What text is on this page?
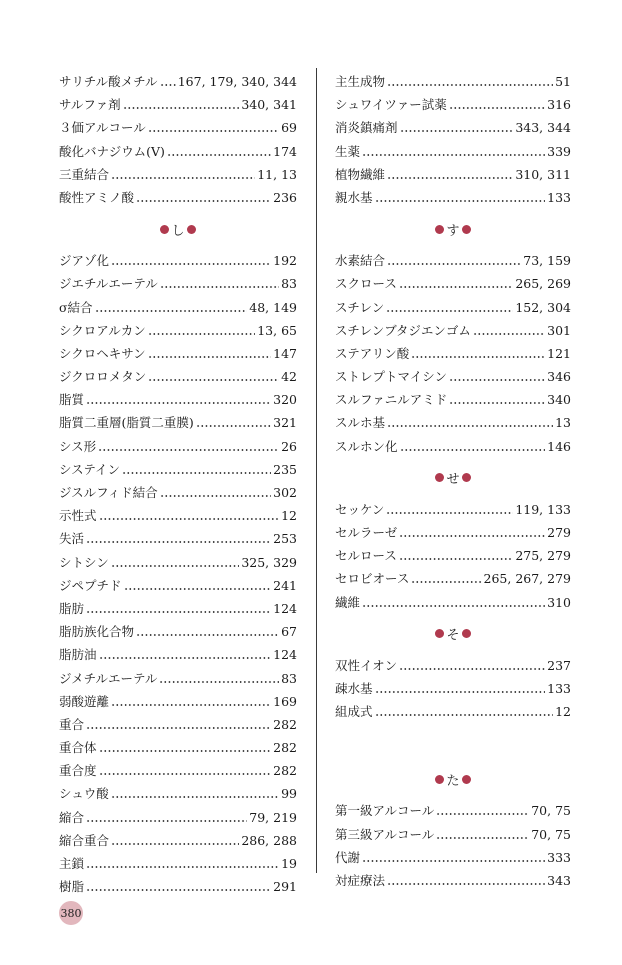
サリチル酸メチル 167, 179, 340, 344
サルファ剤	340, 341
３価アルコール	69
酸化バナジウム(Ⅴ)	174
三重結合	11, 13
酸性アミノ酸	236
し
ジアゾ化	192
ジエチルエーテル	83
σ結合	48, 149
シクロアルカン	13, 65
シクロヘキサン	147
ジクロロメタン	42
脂質	320
脂質二重層(脂質二重膜)	321
シス形	26
システイン	235
ジスルフィド結合	302
示性式	12
失活	253
シトシン	325, 329
ジペプチド	241
脂肪	124
脂肪族化合物	67
脂肪油	124
ジメチルエーテル	83
弱酸遊離	169
重合	282
重合体	282
重合度	282
シュウ酸	99
縮合	79, 219
縮合重合	286, 288
主鎖	19
樹脂	291
主生成物	51
シュワイツァー試薬	316
消炎鎮痛剤	343, 344
生薬	339
植物繊維	310, 311
親水基	133
す
水素結合	73, 159
スクロース	265, 269
スチレン	152, 304
スチレンブタジエンゴム	301
ステアリン酸	121
ストレプトマイシン	346
スルファニルアミド	340
スルホ基	13
スルホン化	146
せ
セッケン	119, 133
セルラーゼ	279
セルロース	275, 279
セロビオース	265, 267, 279
繊維	310
そ
双性イオン	237
疎水基	133
組成式	12
た
第一級アルコール	70, 75
第三級アルコール	70, 75
代謝	333
対症療法	343
380
